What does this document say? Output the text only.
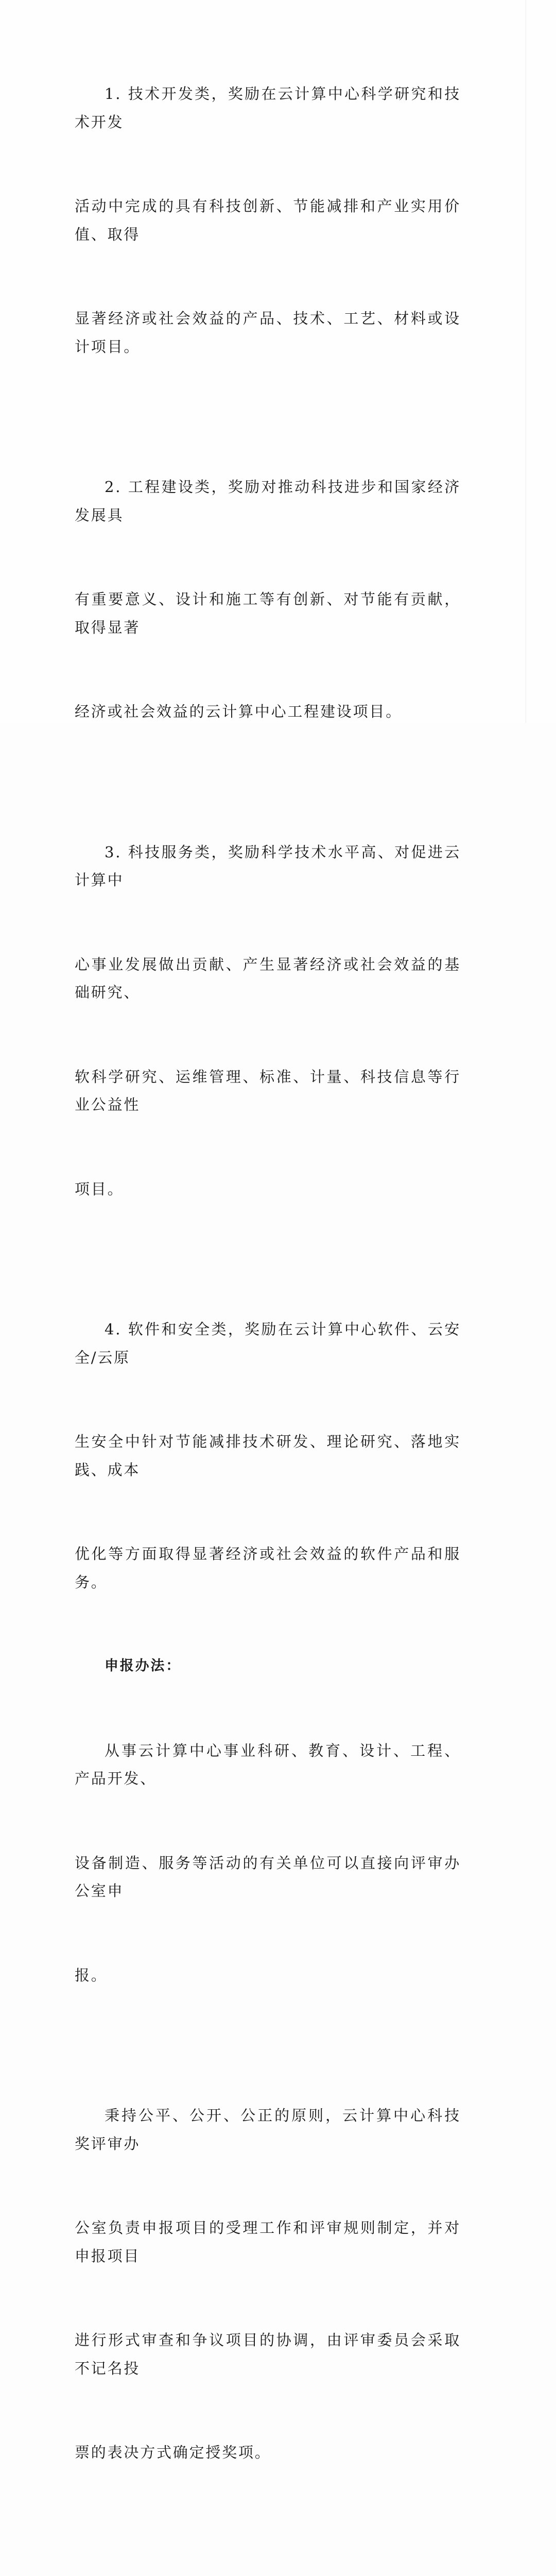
1. 技术开发类，奖励在云计算中心科学研究和技术开发

活动中完成的具有科技创新、节能减排和产业实用价值、取得

显著经济或社会效益的产品、技术、工艺、材料或设计项目。

2. 工程建设类，奖励对推动科技进步和国家经济发展具

有重要意义、设计和施工等有创新、对节能有贡献，取得显著

经济或社会效益的云计算中心工程建设项目。

3. 科技服务类，奖励科学技术水平高、对促进云计算中

心事业发展做出贡献、产生显著经济或社会效益的基础研究、

软科学研究、运维管理、标准、计量、科技信息等行业公益性

项目。

4. 软件和安全类，奖励在云计算中心软件、云安全/云原

生安全中针对节能减排技术研发、理论研究、落地实践、成本

优化等方面取得显著经济或社会效益的软件产品和服务。

申报办法：

从事云计算中心事业科研、教育、设计、工程、产品开发、

设备制造、服务等活动的有关单位可以直接向评审办公室申

报。

秉持公平、公开、公正的原则，云计算中心科技奖评审办

公室负责申报项目的受理工作和评审规则制定，并对申报项目

进行形式审查和争议项目的协调，由评审委员会采取不记名投

票的表决方式确定授奖项。
